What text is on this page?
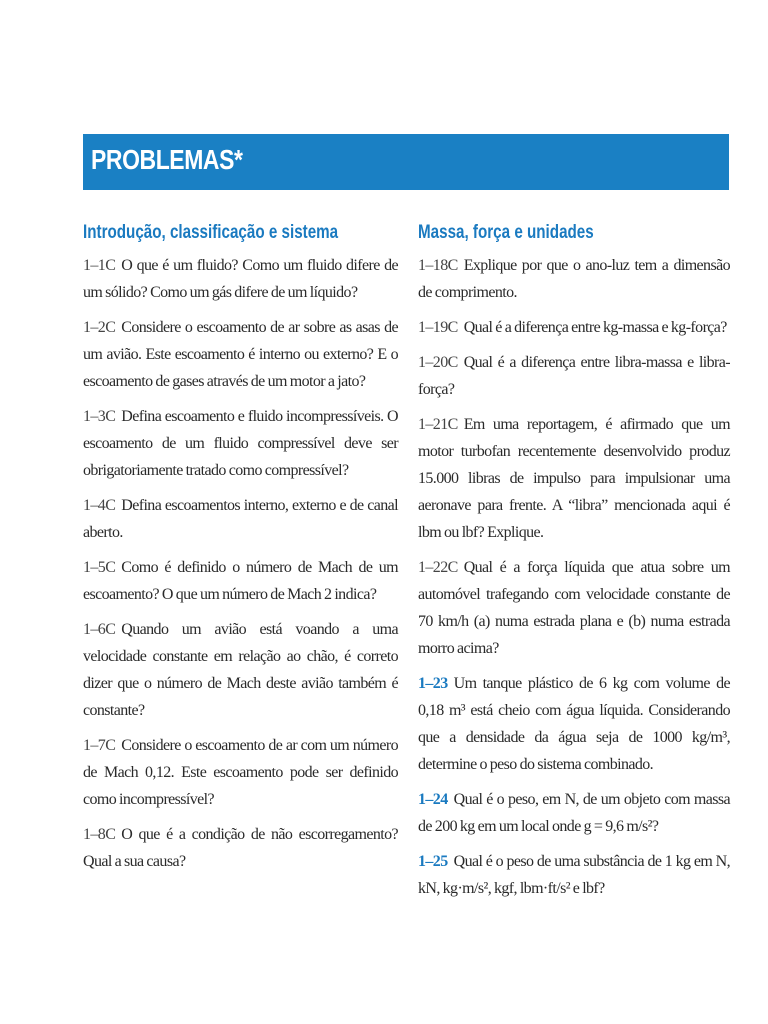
PROBLEMAS*
Introdução, classificação e sistema
1–1C O que é um fluido? Como um fluido difere de um sólido? Como um gás difere de um líquido?
1–2C Considere o escoamento de ar sobre as asas de um avião. Este escoamento é interno ou externo? E o escoamento de gases através de um motor a jato?
1–3C Defina escoamento e fluido incompressíveis. O escoamento de um fluido compressível deve ser obrigatoriamente tratado como compressível?
1–4C Defina escoamentos interno, externo e de canal aberto.
1–5C Como é definido o número de Mach de um escoamento? O que um número de Mach 2 indica?
1–6C Quando um avião está voando a uma velocidade constante em relação ao chão, é correto dizer que o número de Mach deste avião também é constante?
1–7C Considere o escoamento de ar com um número de Mach 0,12. Este escoamento pode ser definido como incompressível?
1–8C O que é a condição de não escorregamento? Qual a sua causa?
Massa, força e unidades
1–18C Explique por que o ano-luz tem a dimensão de comprimento.
1–19C Qual é a diferença entre kg-massa e kg-força?
1–20C Qual é a diferença entre libra-massa e libra-força?
1–21C Em uma reportagem, é afirmado que um motor turbofan recentemente desenvolvido produz 15.000 libras de impulso para impulsionar uma aeronave para frente. A “libra” mencionada aqui é lbm ou lbf? Explique.
1–22C Qual é a força líquida que atua sobre um automóvel trafegando com velocidade constante de 70 km/h (a) numa estrada plana e (b) numa estrada morro acima?
1–23 Um tanque plástico de 6 kg com volume de 0,18 m³ está cheio com água líquida. Considerando que a densidade da água seja de 1000 kg/m³, determine o peso do sistema combinado.
1–24 Qual é o peso, em N, de um objeto com massa de 200 kg em um local onde g = 9,6 m/s²?
1–25 Qual é o peso de uma substância de 1 kg em N, kN, kg·m/s², kgf, lbm·ft/s² e lbf?
